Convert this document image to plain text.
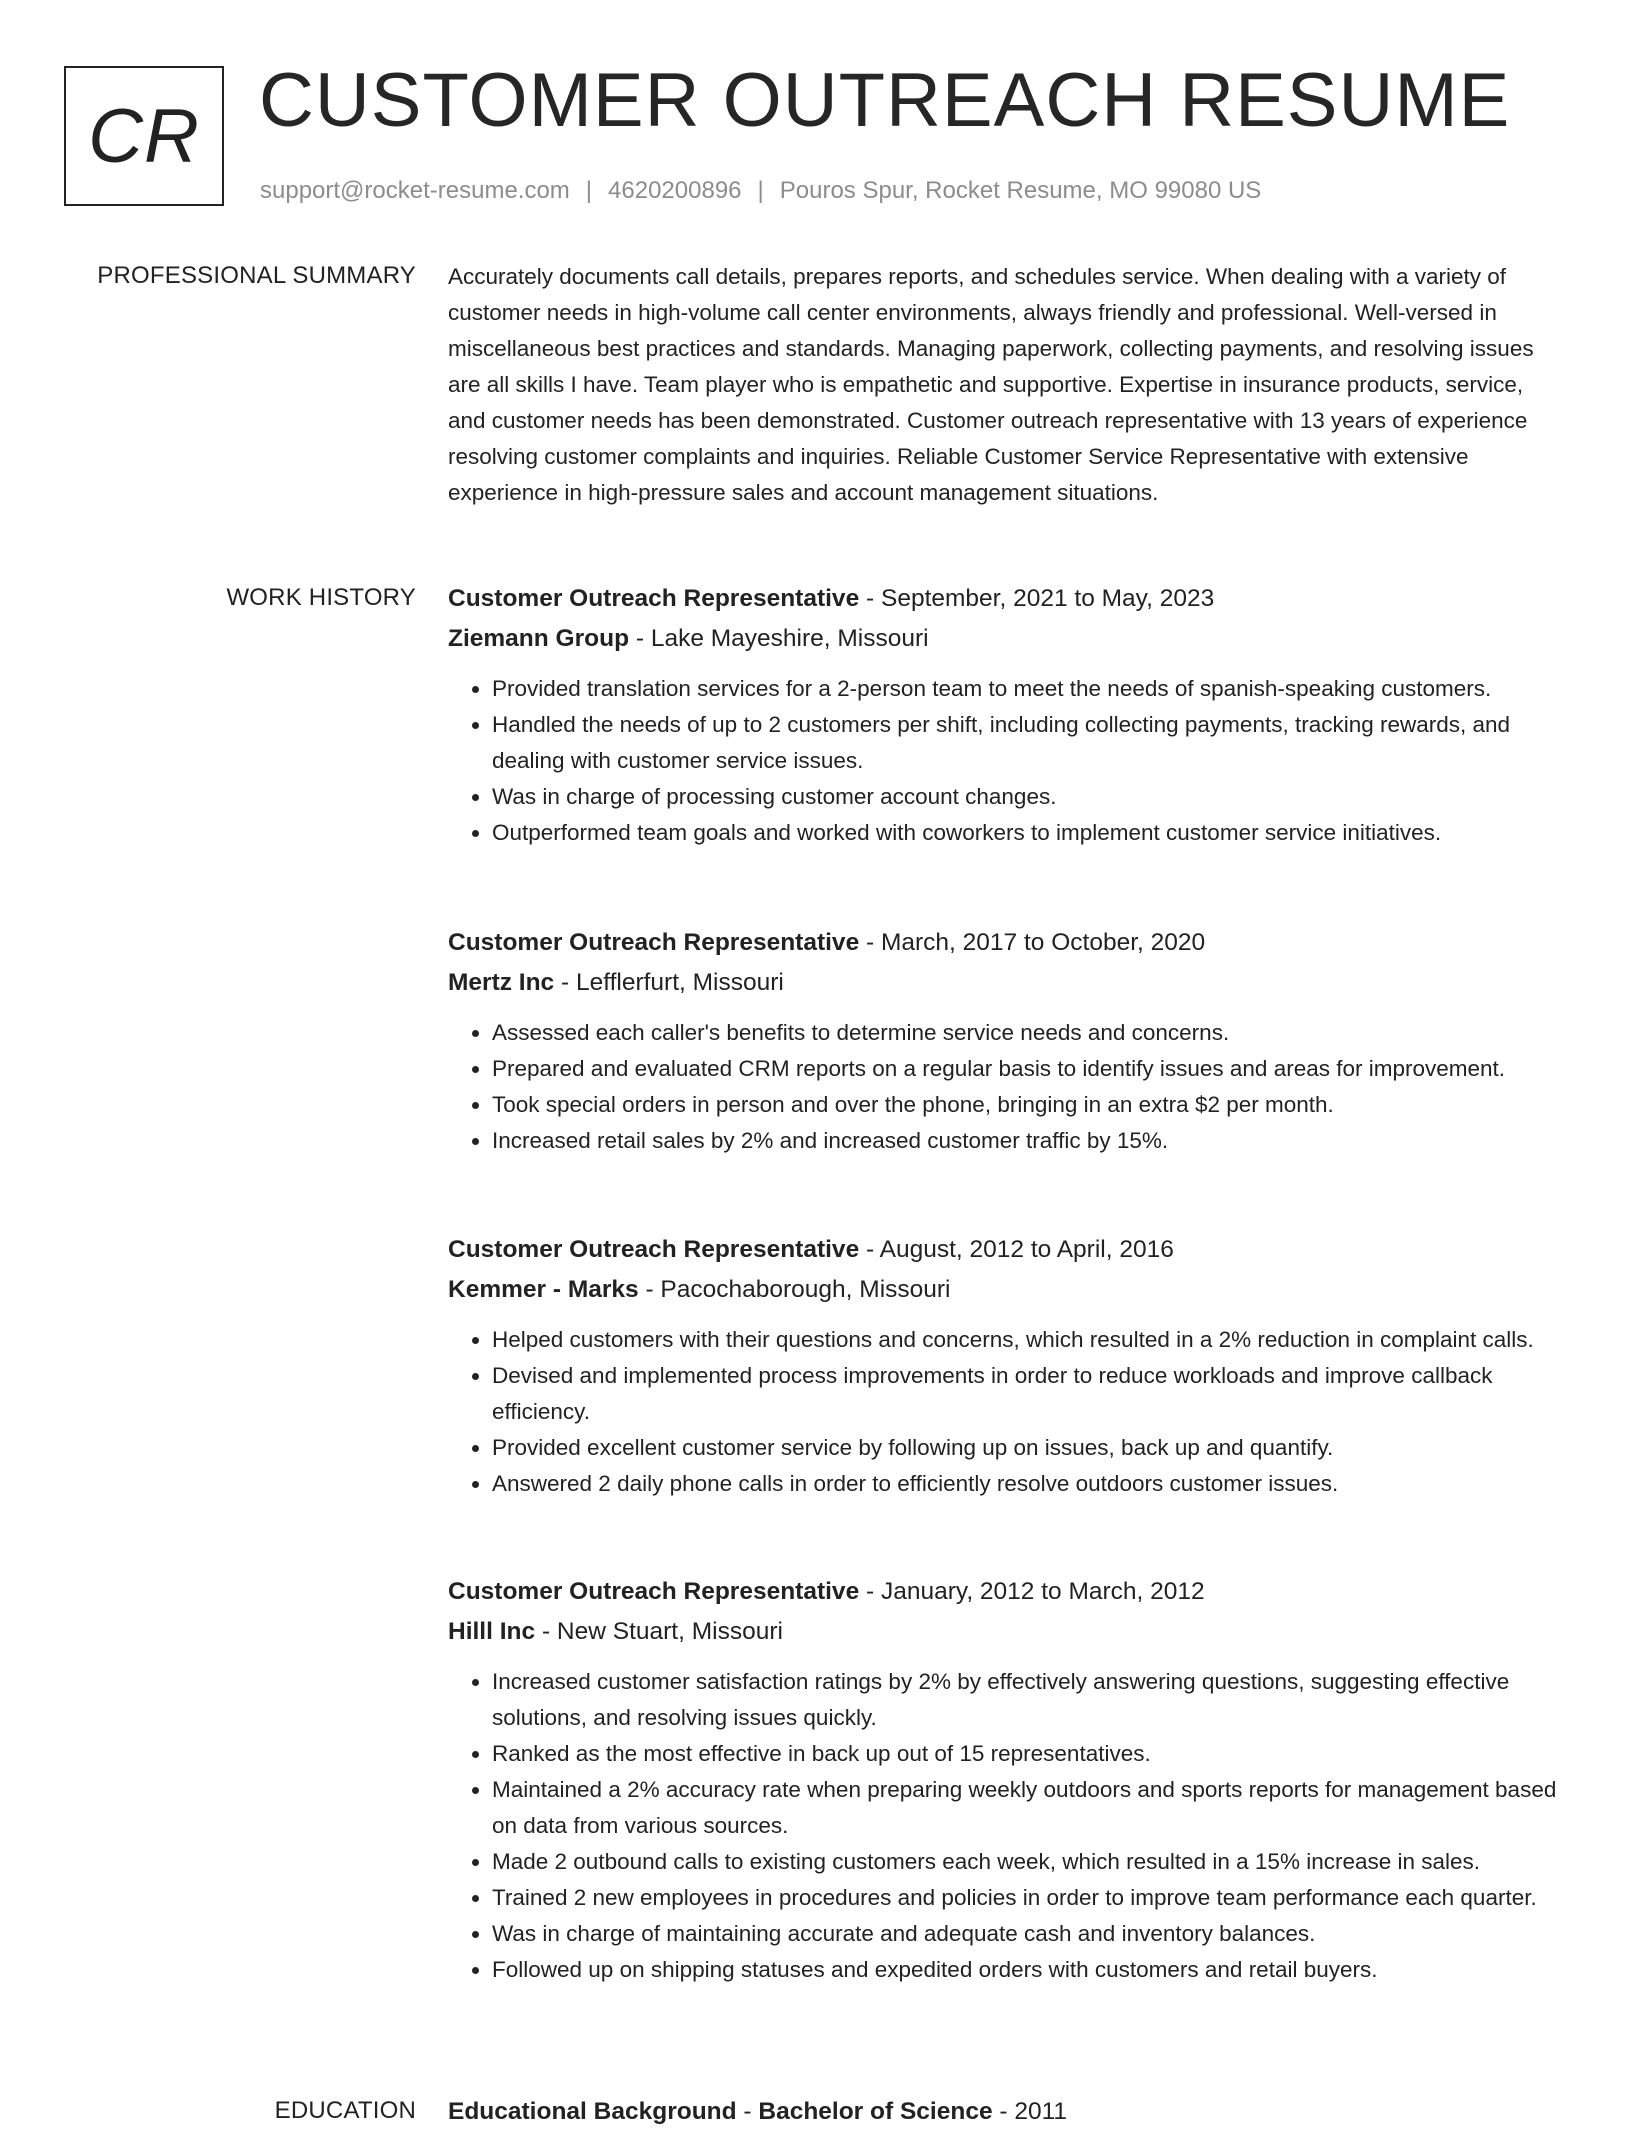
CR CUSTOMER OUTREACH RESUME
support@rocket-resume.com | 4620200896 | Pouros Spur, Rocket Resume, MO 99080 US
PROFESSIONAL SUMMARY Accurately documents call details, prepares reports, and schedules service. When dealing with a variety of customer needs in high-volume call center environments, always friendly and professional. Well-versed in miscellaneous best practices and standards. Managing paperwork, collecting payments, and resolving issues are all skills I have. Team player who is empathetic and supportive. Expertise in insurance products, service, and customer needs has been demonstrated. Customer outreach representative with 13 years of experience resolving customer complaints and inquiries. Reliable Customer Service Representative with extensive experience in high-pressure sales and account management situations.

WORK HISTORY Customer Outreach Representative - September, 2021 to May, 2023
Ziemann Group - Lake Mayeshire, Missouri
• Provided translation services for a 2-person team to meet the needs of spanish-speaking customers.
• Handled the needs of up to 2 customers per shift, including collecting payments, tracking rewards, and dealing with customer service issues.
• Was in charge of processing customer account changes.
• Outperformed team goals and worked with coworkers to implement customer service initiatives.
Customer Outreach Representative - March, 2017 to October, 2020
Mertz Inc - Lefflerfurt, Missouri
• Assessed each caller's benefits to determine service needs and concerns.
• Prepared and evaluated CRM reports on a regular basis to identify issues and areas for improvement.
• Took special orders in person and over the phone, bringing in an extra $2 per month.
• Increased retail sales by 2% and increased customer traffic by 15%.
Customer Outreach Representative - August, 2012 to April, 2016
Kemmer - Marks - Pacochaborough, Missouri
• Helped customers with their questions and concerns, which resulted in a 2% reduction in complaint calls.
• Devised and implemented process improvements in order to reduce workloads and improve callback efficiency.
• Provided excellent customer service by following up on issues, back up and quantify.
• Answered 2 daily phone calls in order to efficiently resolve outdoors customer issues.
Customer Outreach Representative - January, 2012 to March, 2012
Hilll Inc - New Stuart, Missouri
• Increased customer satisfaction ratings by 2% by effectively answering questions, suggesting effective solutions, and resolving issues quickly.
• Ranked as the most effective in back up out of 15 representatives.
• Maintained a 2% accuracy rate when preparing weekly outdoors and sports reports for management based on data from various sources.
• Made 2 outbound calls to existing customers each week, which resulted in a 15% increase in sales.
• Trained 2 new employees in procedures and policies in order to improve team performance each quarter.
• Was in charge of maintaining accurate and adequate cash and inventory balances.
• Followed up on shipping statuses and expedited orders with customers and retail buyers.
EDUCATION Educational Background - Bachelor of Science - 2011
